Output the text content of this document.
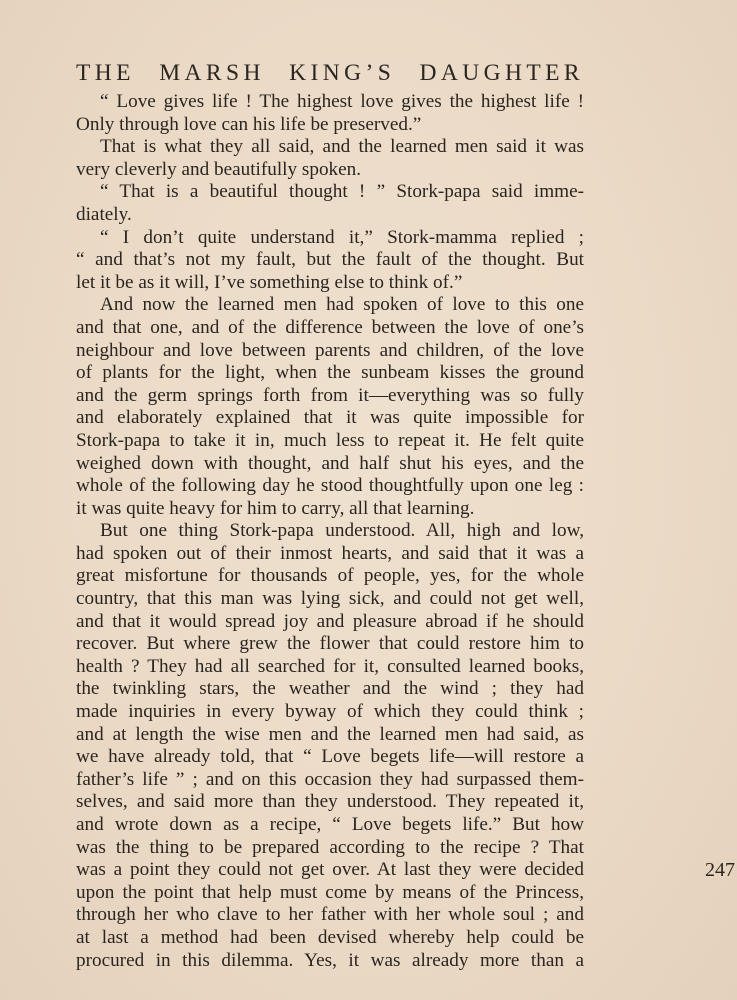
THE MARSH KING’S DAUGHTER
“ Love gives life ! The highest love gives the highest life !
Only through love can his life be preserved.”
That is what they all said, and the learned men said it was
very cleverly and beautifully spoken.
“ That is a beautiful thought ! ” Stork-papa said imme-
diately.
“ I don’t quite understand it,” Stork-mamma replied ;
“ and that’s not my fault, but the fault of the thought. But
let it be as it will, I’ve something else to think of.”
And now the learned men had spoken of love to this one
and that one, and of the difference between the love of one’s
neighbour and love between parents and children, of the love
of plants for the light, when the sunbeam kisses the ground
and the germ springs forth from it—everything was so fully
and elaborately explained that it was quite impossible for
Stork-papa to take it in, much less to repeat it. He felt quite
weighed down with thought, and half shut his eyes, and the
whole of the following day he stood thoughtfully upon one leg :
it was quite heavy for him to carry, all that learning.
But one thing Stork-papa understood. All, high and low,
had spoken out of their inmost hearts, and said that it was a
great misfortune for thousands of people, yes, for the whole
country, that this man was lying sick, and could not get well,
and that it would spread joy and pleasure abroad if he should
recover. But where grew the flower that could restore him to
health ? They had all searched for it, consulted learned books,
the twinkling stars, the weather and the wind ; they had
made inquiries in every byway of which they could think ;
and at length the wise men and the learned men had said, as
we have already told, that “ Love begets life—will restore a
father’s life ” ; and on this occasion they had surpassed them-
selves, and said more than they understood. They repeated it,
and wrote down as a recipe, “ Love begets life.” But how
was the thing to be prepared according to the recipe ? That
was a point they could not get over. At last they were decided
upon the point that help must come by means of the Princess,
through her who clave to her father with her whole soul ; and
at last a method had been devised whereby help could be
procured in this dilemma. Yes, it was already more than a
247
